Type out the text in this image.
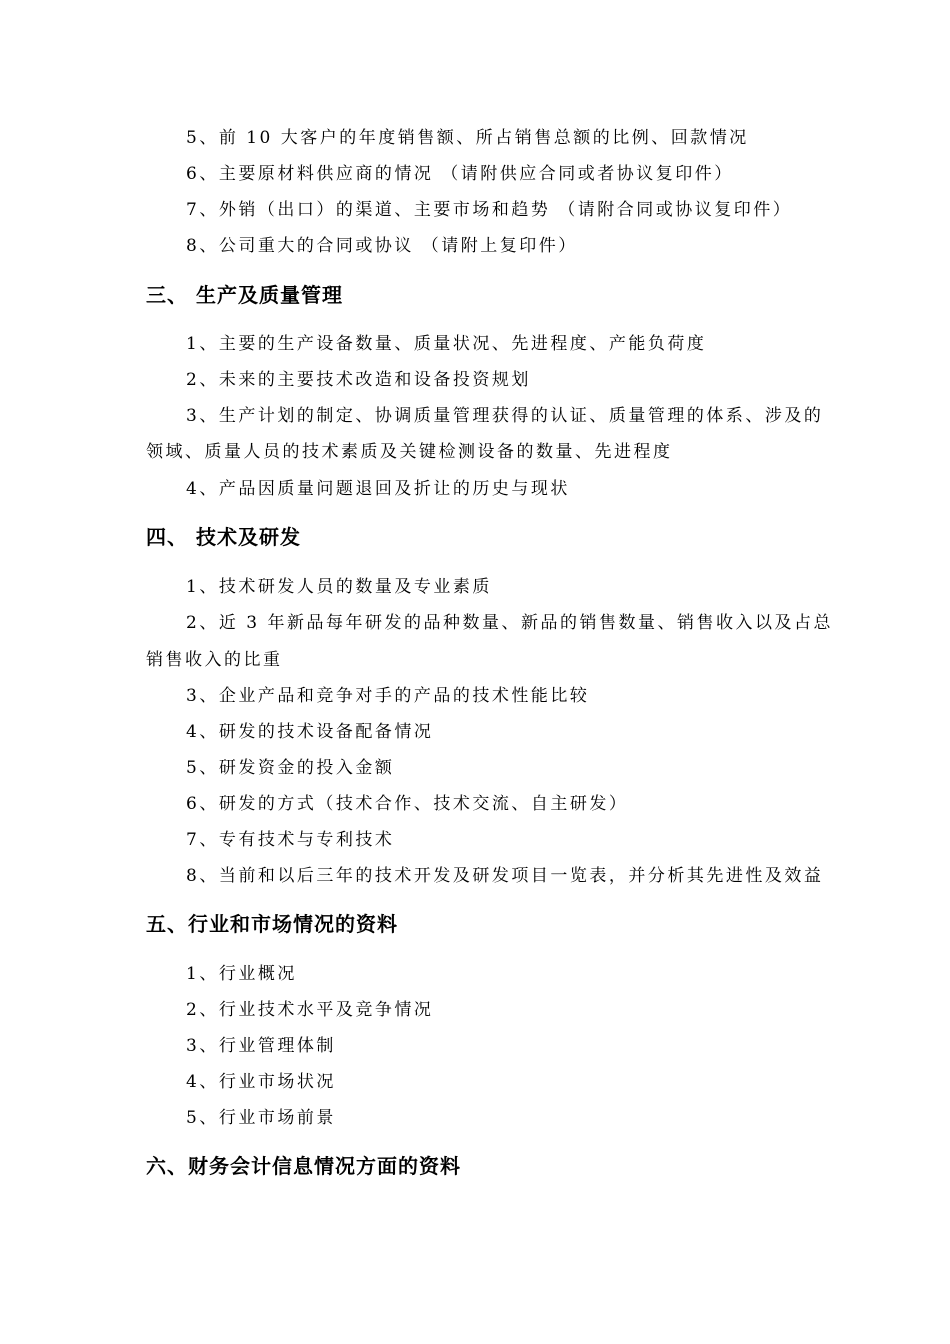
5、前 10 大客户的年度销售额、所占销售总额的比例、回款情况
6、主要原材料供应商的情况 （请附供应合同或者协议复印件）
7、外销（出口）的渠道、主要市场和趋势 （请附合同或协议复印件）
8、公司重大的合同或协议 （请附上复印件）
三、 生产及质量管理
1、主要的生产设备数量、质量状况、先进程度、产能负荷度
2、未来的主要技术改造和设备投资规划
3、生产计划的制定、协调质量管理获得的认证、质量管理的体系、涉及的
领域、质量人员的技术素质及关键检测设备的数量、先进程度
4、产品因质量问题退回及折让的历史与现状
四、 技术及研发
1、技术研发人员的数量及专业素质
2、近 3 年新品每年研发的品种数量、新品的销售数量、销售收入以及占总
销售收入的比重
3、企业产品和竞争对手的产品的技术性能比较
4、研发的技术设备配备情况
5、研发资金的投入金额
6、研发的方式（技术合作、技术交流、自主研发）
7、专有技术与专利技术
8、当前和以后三年的技术开发及研发项目一览表，并分析其先进性及效益
五、行业和市场情况的资料
1、行业概况
2、行业技术水平及竞争情况
3、行业管理体制
4、行业市场状况
5、行业市场前景
六、财务会计信息情况方面的资料
